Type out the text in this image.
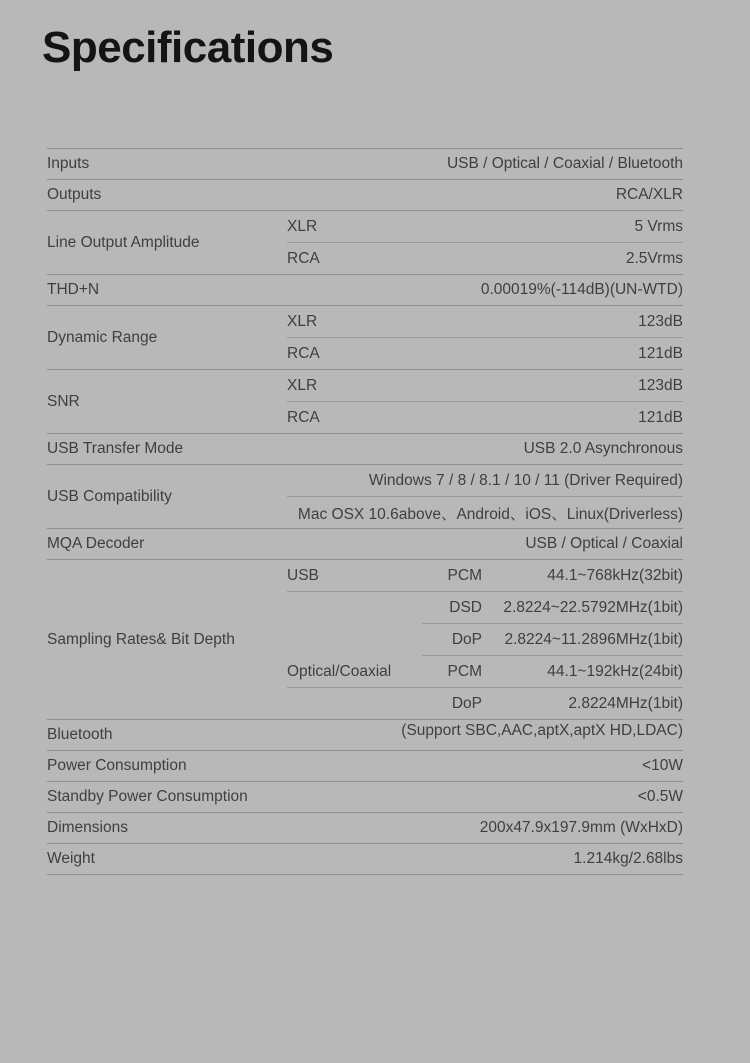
Specifications

Inputs	USB / Optical / Coaxial / Bluetooth		

Outputs	RCA/XLR		

Line Output Amplitude	XLR	5 Vrms	

	RCA	2.5Vrms	

THD+N	0.00019%(-114dB)(UN-WTD)		

Dynamic Range	XLR	123dB	

	RCA	121dB	

SNR	XLR	123dB	

	RCA	121dB	

USB Transfer Mode	USB 2.0 Asynchronous		

USB Compatibility	Windows 7 / 8 / 8.1 / 10 / 11 (Driver Required)		

	Mac OSX 10.6above、Android、iOS、Linux(Driverless)		

MQA Decoder	USB / Optical / Coaxial		

Sampling Rates& Bit Depth	USB	PCM	44.1~768kHz(32bit)

		DSD	2.8224~22.5792MHz(1bit)

		DoP	2.8224~11.2896MHz(1bit)

	Optical/Coaxial	PCM	44.1~192kHz(24bit)

		DoP	2.8224MHz(1bit)

Bluetooth	(Support SBC,AAC,aptX,aptX HD,LDAC)		

Power Consumption	<10W		

Standby Power Consumption	<0.5W		

Dimensions	200x47.9x197.9mm (WxHxD)		

Weight	1.214kg/2.68lbs		
